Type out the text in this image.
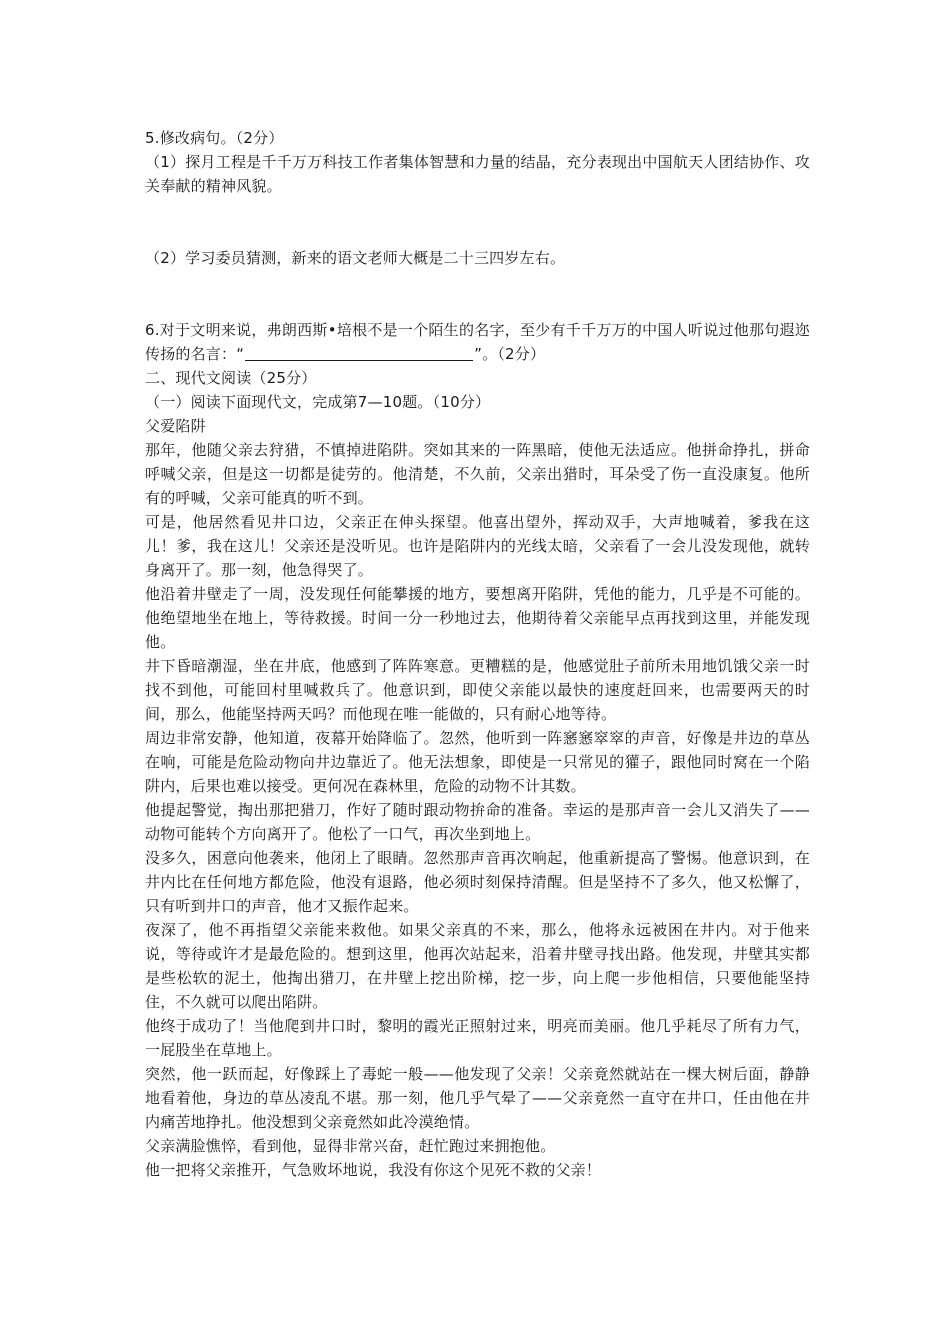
5.修改病句。（2分）

（1）探月工程是千千万万科技工作者集体智慧和力量的结晶，充分表现出中国航天人团结协作、攻关奉献的精神风貌。

（2）学习委员猜测，新来的语文老师大概是二十三四岁左右。

6.对于文明来说，弗朗西斯•培根不是一个陌生的名字，至少有千千万万的中国人听说过他那句遐迩传扬的名言：“	”。（2分）

二、现代文阅读（25分）

（一）阅读下面现代文，完成第7—10题。（10分）

父爱陷阱

那年，他随父亲去狩猎，不慎掉进陷阱。突如其来的一阵黑暗，使他无法适应。他拼命挣扎，拼命呼喊父亲，但是这一切都是徒劳的。他清楚，不久前，父亲出猎时，耳朵受了伤一直没康复。他所有的呼喊，父亲可能真的听不到。

可是，他居然看见井口边，父亲正在伸头探望。他喜出望外，挥动双手，大声地喊着，爹我在这儿！爹，我在这儿！父亲还是没听见。也许是陷阱内的光线太暗，父亲看了一会儿没发现他，就转身离开了。那一刻，他急得哭了。

他沿着井壁走了一周，没发现任何能攀援的地方，要想离开陷阱，凭他的能力，几乎是不可能的。他绝望地坐在地上，等待救援。时间一分一秒地过去，他期待着父亲能早点再找到这里，并能发现他。

井下昏暗潮湿，坐在井底，他感到了阵阵寒意。更糟糕的是，他感觉肚子前所未用地饥饿父亲一时找不到他，可能回村里喊救兵了。他意识到，即使父亲能以最快的速度赶回来，也需要两天的时间，那么，他能坚持两天吗？而他现在唯一能做的，只有耐心地等待。

周边非常安静，他知道，夜幕开始降临了。忽然，他听到一阵窸窸窣窣的声音，好像是井边的草丛在响，可能是危险动物向井边靠近了。他无法想象，即使是一只常见的獾子，跟他同时窝在一个陷阱内，后果也难以接受。更何况在森林里，危险的动物不计其数。

他提起警觉，掏出那把猎刀，作好了随时跟动物拚命的准备。幸运的是那声音一会儿又消失了——动物可能转个方向离开了。他松了一口气，再次坐到地上。

没多久，困意向他袭来，他闭上了眼睛。忽然那声音再次响起，他重新提高了警惕。他意识到，在井内比在任何地方都危险，他没有退路，他必须时刻保持清醒。但是坚持不了多久，他又松懈了，只有听到井口的声音，他才又振作起来。

夜深了，他不再指望父亲能来救他。如果父亲真的不来，那么，他将永远被困在井内。对于他来说，等待或许才是最危险的。想到这里，他再次站起来，沿着井壁寻找出路。他发现，井壁其实都是些松软的泥土，他掏出猎刀，在井壁上挖出阶梯，挖一步，向上爬一步他相信，只要他能坚持住，不久就可以爬出陷阱。

他终于成功了！当他爬到井口时，黎明的霞光正照射过来，明亮而美丽。他几乎耗尽了所有力气，一屁股坐在草地上。

突然，他一跃而起，好像踩上了毒蛇一般——他发现了父亲！父亲竟然就站在一棵大树后面，静静地看着他，身边的草丛凌乱不堪。那一刻，他几乎气晕了——父亲竟然一直守在井口，任由他在井内痛苦地挣扎。他没想到父亲竟然如此冷漠绝情。

父亲满脸憔悴，看到他，显得非常兴奋，赶忙跑过来拥抱他。

他一把将父亲推开，气急败坏地说，我没有你这个见死不救的父亲！
